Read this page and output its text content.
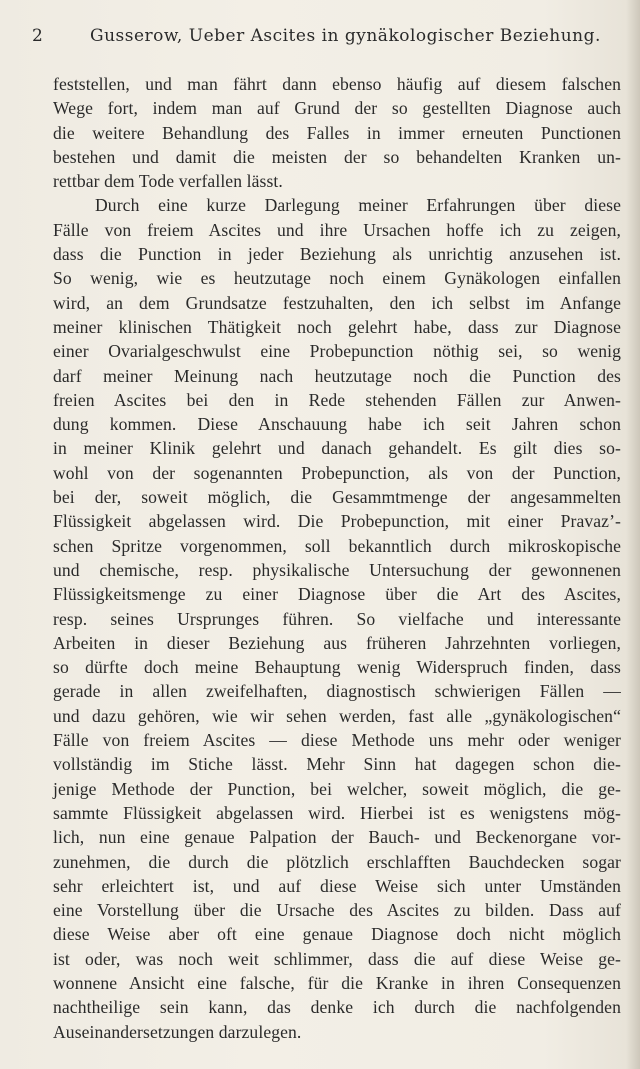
2	Gusserow, Ueber Ascites in gynäkologischer Beziehung.
feststellen, und man fährt dann ebenso häufig auf diesem falschen
Wege fort, indem man auf Grund der so gestellten Diagnose auch
die weitere Behandlung des Falles in immer erneuten Punctionen
bestehen und damit die meisten der so behandelten Kranken un-
rettbar dem Tode verfallen lässt.
Durch eine kurze Darlegung meiner Erfahrungen über diese
Fälle von freiem Ascites und ihre Ursachen hoffe ich zu zeigen,
dass die Punction in jeder Beziehung als unrichtig anzusehen ist.
So wenig, wie es heutzutage noch einem Gynäkologen einfallen
wird, an dem Grundsatze festzuhalten, den ich selbst im Anfange
meiner klinischen Thätigkeit noch gelehrt habe, dass zur Diagnose
einer Ovarialgeschwulst eine Probepunction nöthig sei, so wenig
darf meiner Meinung nach heutzutage noch die Punction des
freien Ascites bei den in Rede stehenden Fällen zur Anwen-
dung kommen. Diese Anschauung habe ich seit Jahren schon
in meiner Klinik gelehrt und danach gehandelt. Es gilt dies so-
wohl von der sogenannten Probepunction, als von der Punction,
bei der, soweit möglich, die Gesammtmenge der angesammelten
Flüssigkeit abgelassen wird. Die Probepunction, mit einer Pravaz’-
schen Spritze vorgenommen, soll bekanntlich durch mikroskopische
und chemische, resp. physikalische Untersuchung der gewonnenen
Flüssigkeitsmenge zu einer Diagnose über die Art des Ascites,
resp. seines Ursprunges führen. So vielfache und interessante
Arbeiten in dieser Beziehung aus früheren Jahrzehnten vorliegen,
so dürfte doch meine Behauptung wenig Widerspruch finden, dass
gerade in allen zweifelhaften, diagnostisch schwierigen Fällen —
und dazu gehören, wie wir sehen werden, fast alle „gynäkologischen“
Fälle von freiem Ascites — diese Methode uns mehr oder weniger
vollständig im Stiche lässt. Mehr Sinn hat dagegen schon die-
jenige Methode der Punction, bei welcher, soweit möglich, die ge-
sammte Flüssigkeit abgelassen wird. Hierbei ist es wenigstens mög-
lich, nun eine genaue Palpation der Bauch- und Beckenorgane vor-
zunehmen, die durch die plötzlich erschlafften Bauchdecken sogar
sehr erleichtert ist, und auf diese Weise sich unter Umständen
eine Vorstellung über die Ursache des Ascites zu bilden. Dass auf
diese Weise aber oft eine genaue Diagnose doch nicht möglich
ist oder, was noch weit schlimmer, dass die auf diese Weise ge-
wonnene Ansicht eine falsche, für die Kranke in ihren Consequenzen
nachtheilige sein kann, das denke ich durch die nachfolgenden
Auseinandersetzungen darzulegen.
